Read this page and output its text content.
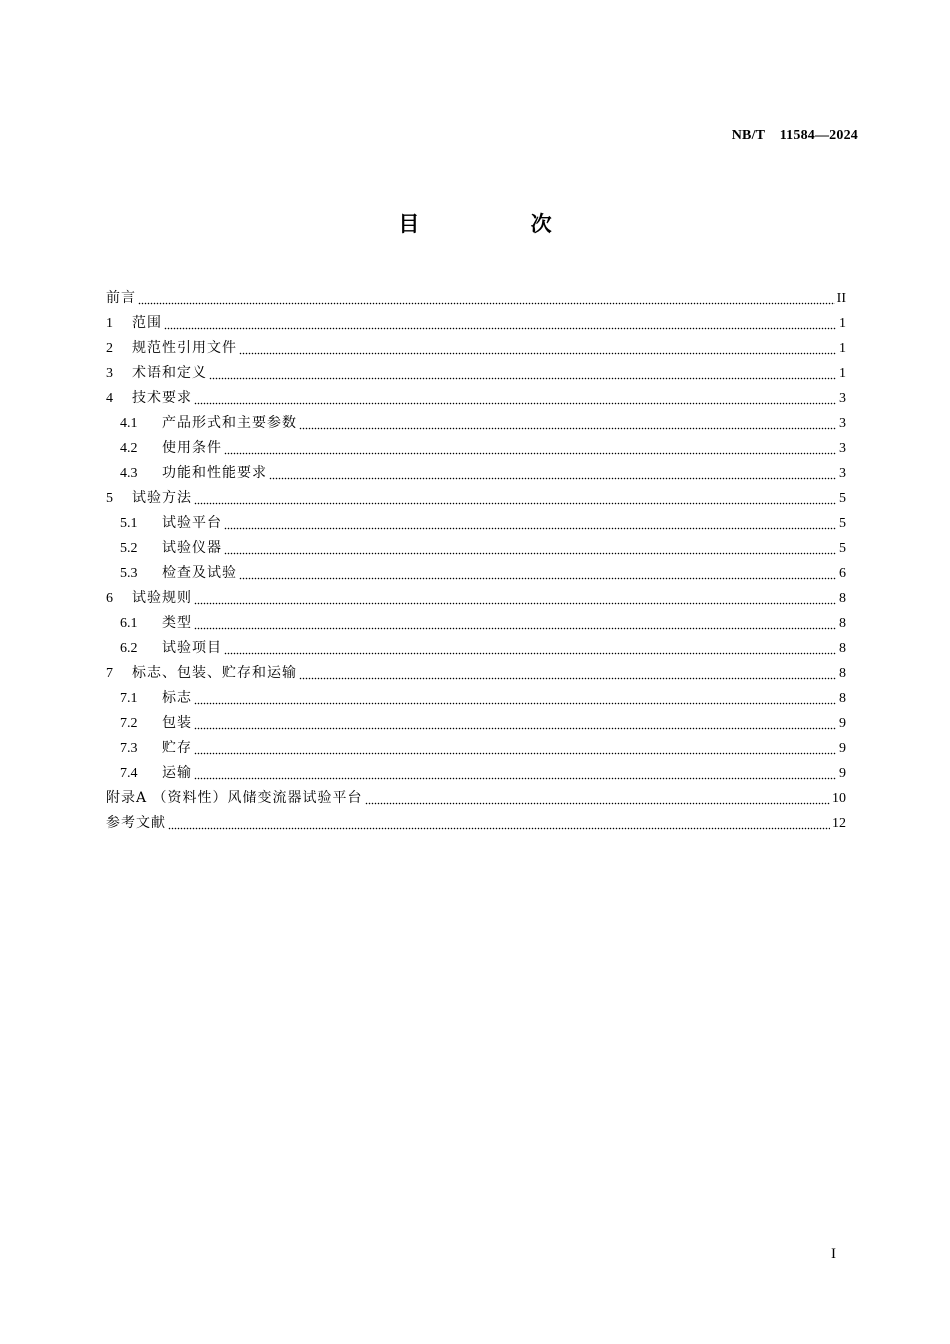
NB/T    11584—2024
目 次
前言	II
1	范围	1
2	规范性引用文件	1
3	术语和定义	1
4	技术要求	3
4.1	产品形式和主要参数	3
4.2	使用条件	3
4.3	功能和性能要求	3
5	试验方法	5
5.1	试验平台	5
5.2	试验仪器	5
5.3	检查及试验	6
6	试验规则	8
6.1	类型	8
6.2	试验项目	8
7	标志、包装、贮存和运输	8
7.1	标志	8
7.2	包装	9
7.3	贮存	9
7.4	运输	9
附录A （资料性）风储变流器试验平台	10
参考文献	12
I
